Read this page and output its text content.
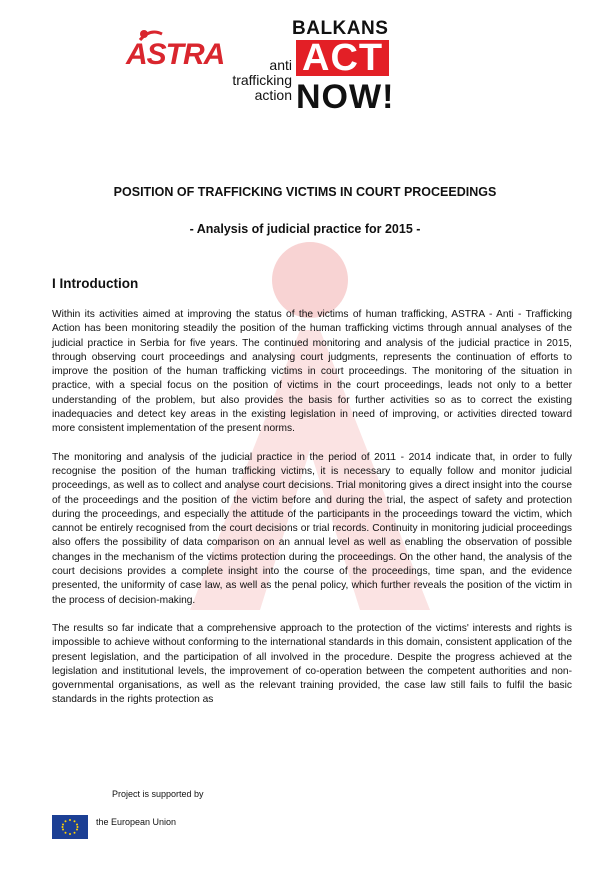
ASTRA	anti
trafficking
action
BALKANS
ACT
NOW!
POSITION OF TRAFFICKING VICTIMS IN COURT PROCEEDINGS
- Analysis of judicial practice for 2015 -
I Introduction

Within its activities aimed at improving the status of the victims of human trafficking, ASTRA - Anti - Trafficking Action has been monitoring steadily the position of the human trafficking victims through annual analyses of the judicial practice in Serbia for five years. The continued monitoring and analysis of the judicial practice in 2015, through observing court proceedings and analysing court judgments, represents the continuation of efforts to improve the position of the human trafficking victims in court proceedings. The monitoring of the situation in practice, with a special focus on the position of victims in the court proceedings, leads not only to a better understanding of the problem, but also provides the basis for further activities so as to correct the existing inadequacies and detect key areas in the existing legislation in need of improving, or activities directed toward more consistent implementation of the present norms.

The monitoring and analysis of the judicial practice in the period of 2011 - 2014 indicate that, in order to fully recognise the position of the human trafficking victims, it is necessary to equally follow and monitor judicial proceedings, as well as to collect and analyse court decisions. Trial monitoring gives a direct insight into the course of the proceedings and the position of the victim before and during the trial, the aspect of safety and protection during the proceedings, and especially the attitude of the participants in the proceedings toward the victim, which cannot be entirely recognised from the court decisions or trial records. Continuity in monitoring judicial proceedings also offers the possibility of data comparison on an annual level as well as enabling the observation of possible changes in the mechanism of the victims protection during the proceedings. On the other hand, the analysis of the court decisions provides a complete insight into the course of the proceedings, time span, and the evidence presented, the uniformity of case law, as well as the penal policy, which further reveals the position of the victim in the process of decision-making.

The results so far indicate that a comprehensive approach to the protection of the victims' interests and rights is impossible to achieve without conforming to the international standards in this domain, consistent application of the present legislation, and the participation of all involved in the procedure. Despite the progress achieved at the legislation and institutional levels, the improvement of co-operation between the competent authorities and non-governmental organisations, as well as the relevant training provided, the case law still fails to fulfil the basic standards in the rights protection as

Project is supported by
the European Union
